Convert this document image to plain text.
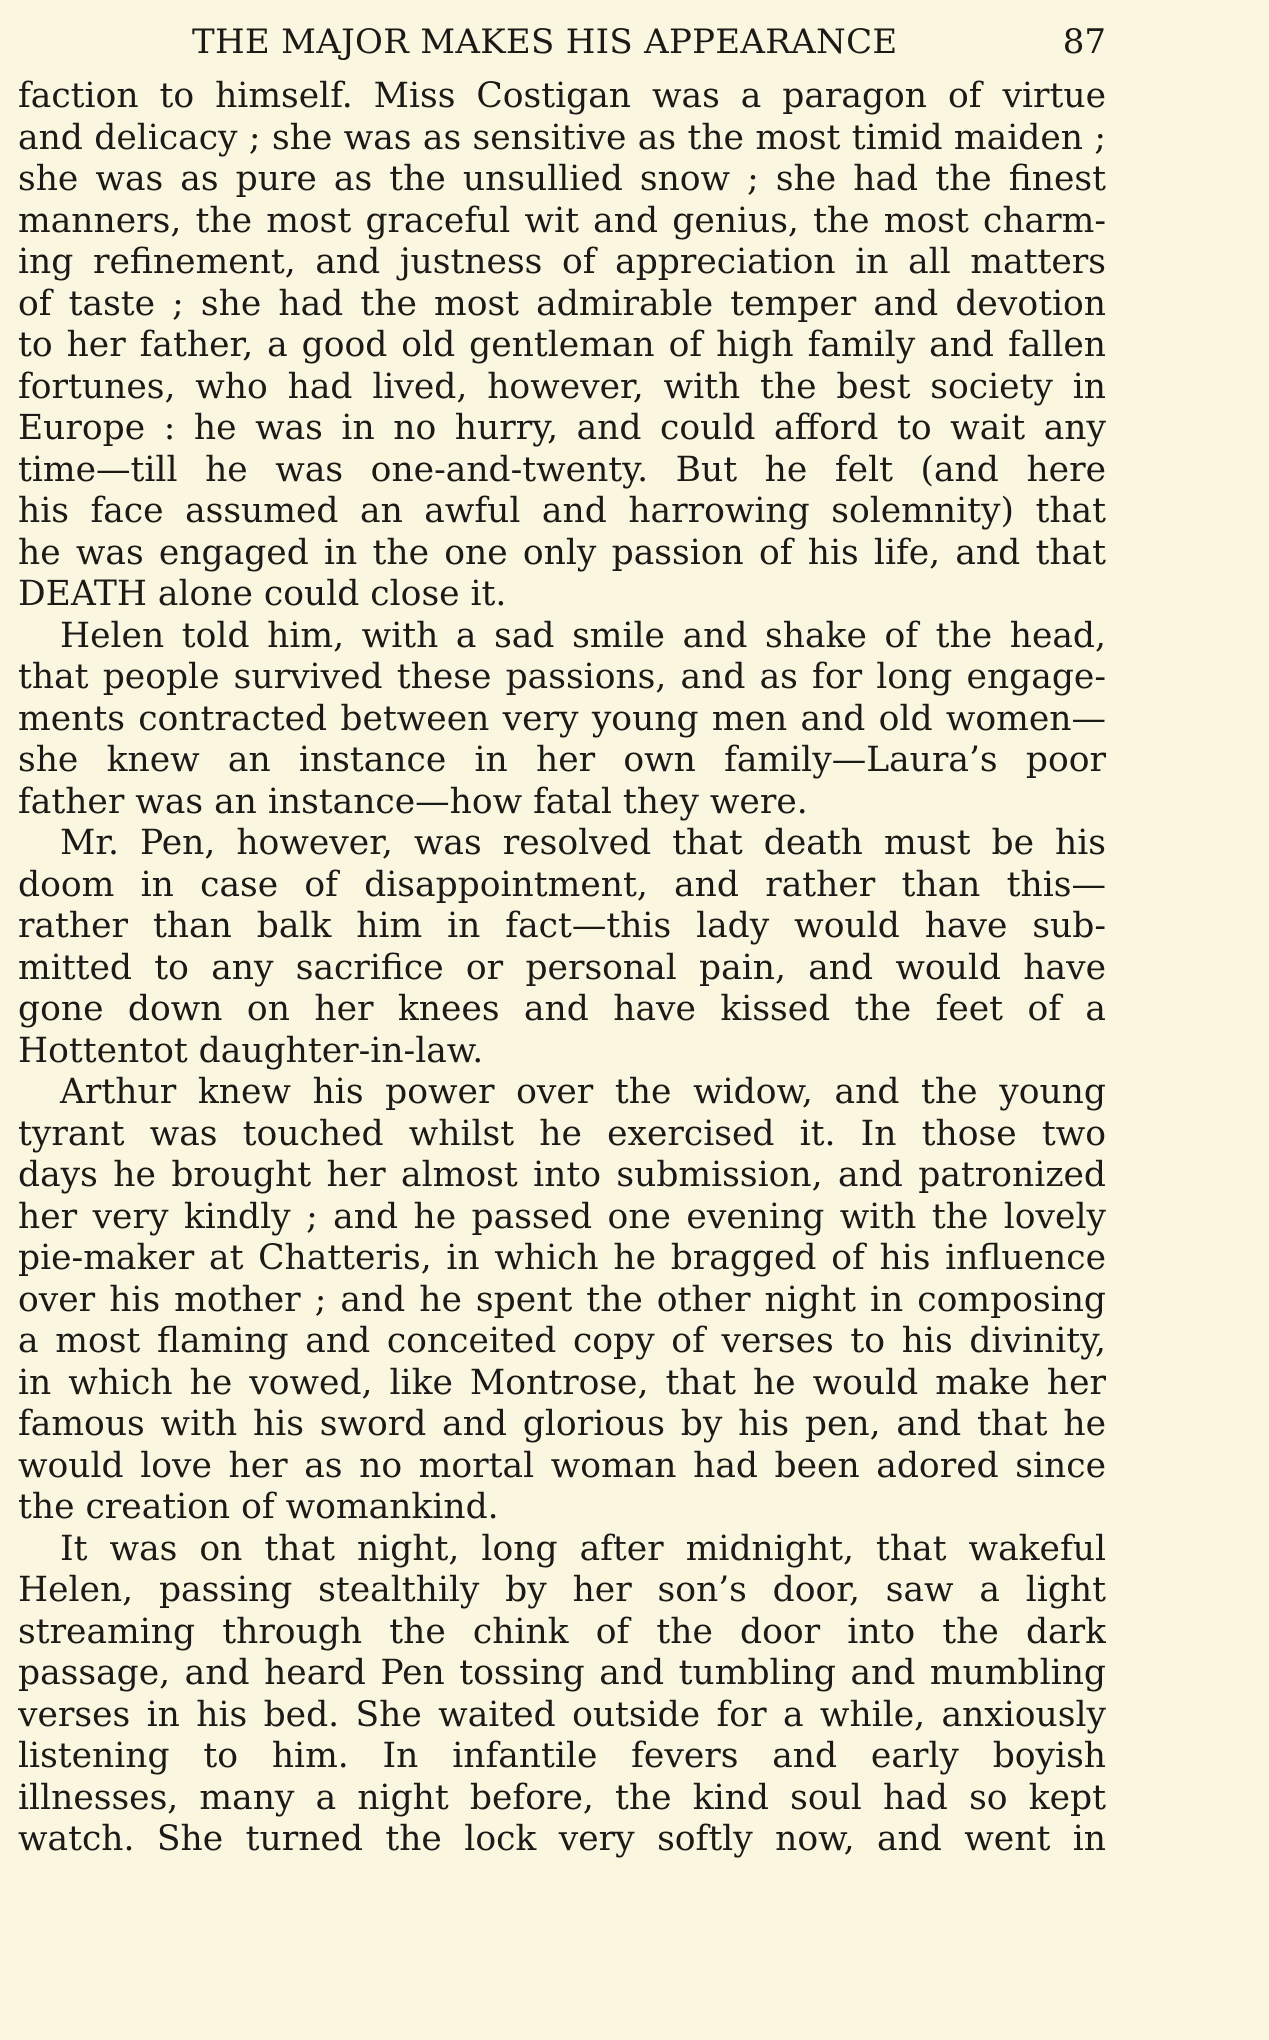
THE MAJOR MAKES HIS APPEARANCE	87
faction to himself. Miss Costigan was a paragon of virtue
and delicacy ; she was as sensitive as the most timid maiden ;
she was as pure as the unsullied snow ; she had the finest
manners, the most graceful wit and genius, the most charm-
ing refinement, and justness of appreciation in all matters
of taste ; she had the most admirable temper and devotion
to her father, a good old gentleman of high family and fallen
fortunes, who had lived, however, with the best society in
Europe : he was in no hurry, and could afford to wait any
time—till he was one-and-twenty. But he felt (and here
his face assumed an awful and harrowing solemnity) that
he was engaged in the one only passion of his life, and that
DEATH alone could close it.
Helen told him, with a sad smile and shake of the head,
that people survived these passions, and as for long engage-
ments contracted between very young men and old women—
she knew an instance in her own family—Laura’s poor
father was an instance—how fatal they were.
Mr. Pen, however, was resolved that death must be his
doom in case of disappointment, and rather than this—
rather than balk him in fact—this lady would have sub-
mitted to any sacrifice or personal pain, and would have
gone down on her knees and have kissed the feet of a
Hottentot daughter-in-law.
Arthur knew his power over the widow, and the young
tyrant was touched whilst he exercised it. In those two
days he brought her almost into submission, and patronized
her very kindly ; and he passed one evening with the lovely
pie-maker at Chatteris, in which he bragged of his influence
over his mother ; and he spent the other night in composing
a most flaming and conceited copy of verses to his divinity,
in which he vowed, like Montrose, that he would make her
famous with his sword and glorious by his pen, and that he
would love her as no mortal woman had been adored since
the creation of womankind.
It was on that night, long after midnight, that wakeful
Helen, passing stealthily by her son’s door, saw a light
streaming through the chink of the door into the dark
passage, and heard Pen tossing and tumbling and mumbling
verses in his bed. She waited outside for a while, anxiously
listening to him. In infantile fevers and early boyish
illnesses, many a night before, the kind soul had so kept
watch. She turned the lock very softly now, and went in
